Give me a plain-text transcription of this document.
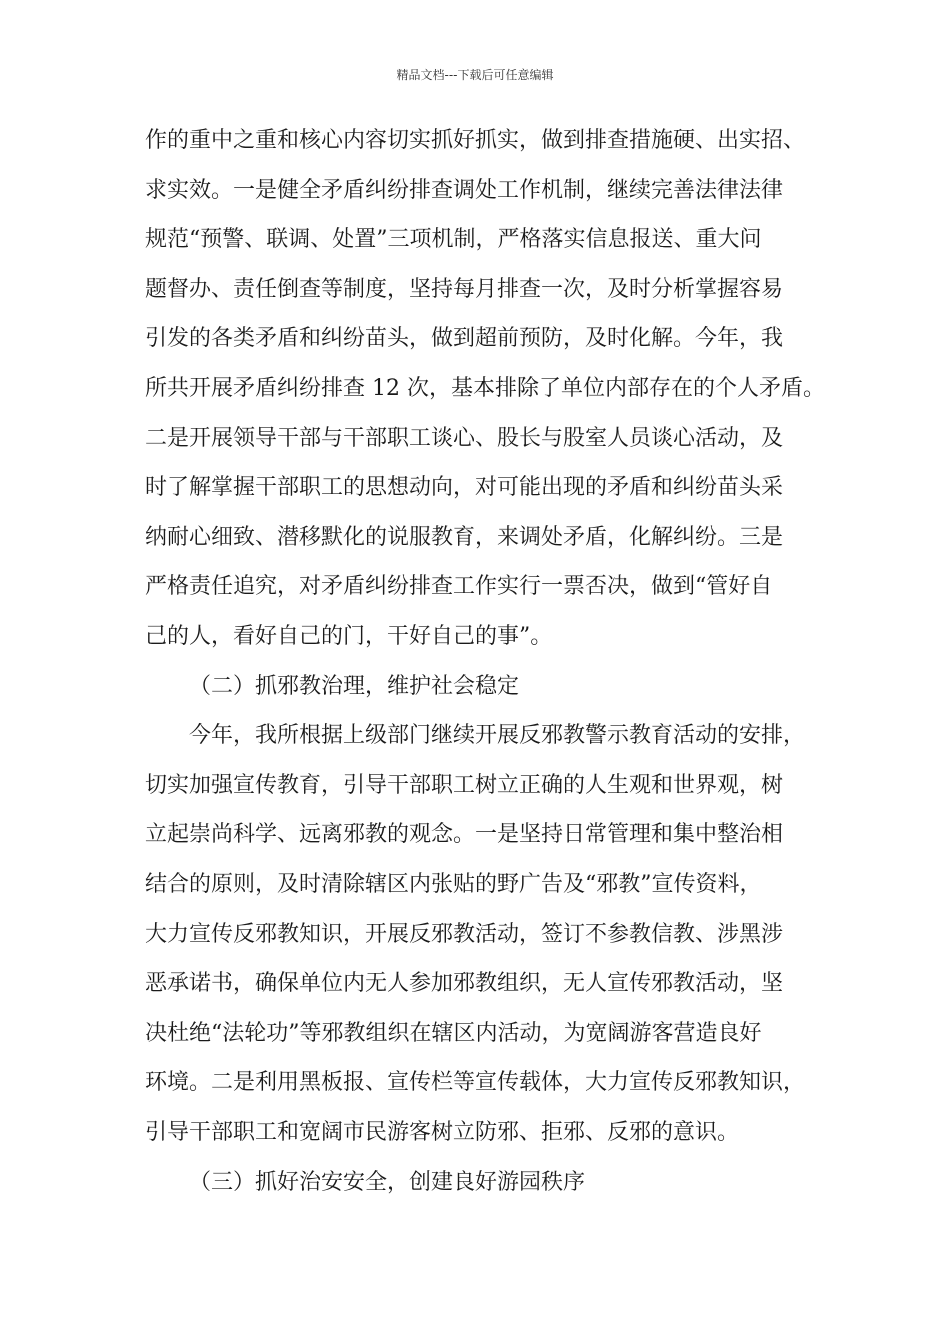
精品文档---下载后可任意编辑
作的重中之重和核心内容切实抓好抓实，做到排查措施硬、出实招、
求实效。一是健全矛盾纠纷排查调处工作机制，继续完善法律法律
规范“预警、联调、处置”三项机制，严格落实信息报送、重大问
题督办、责任倒查等制度，坚持每月排查一次，及时分析掌握容易
引发的各类矛盾和纠纷苗头，做到超前预防，及时化解。今年，我
所共开展矛盾纠纷排查 12 次，基本排除了单位内部存在的个人矛盾。
二是开展领导干部与干部职工谈心、股长与股室人员谈心活动，及
时了解掌握干部职工的思想动向，对可能出现的矛盾和纠纷苗头采
纳耐心细致、潜移默化的说服教育，来调处矛盾，化解纠纷。三是
严格责任追究，对矛盾纠纷排查工作实行一票否决，做到“管好自
己的人，看好自己的门，干好自己的事”。
（二）抓邪教治理，维护社会稳定
今年，我所根据上级部门继续开展反邪教警示教育活动的安排，
切实加强宣传教育，引导干部职工树立正确的人生观和世界观，树
立起崇尚科学、远离邪教的观念。一是坚持日常管理和集中整治相
结合的原则，及时清除辖区内张贴的野广告及“邪教”宣传资料，
大力宣传反邪教知识，开展反邪教活动，签订不参教信教、涉黑涉
恶承诺书，确保单位内无人参加邪教组织，无人宣传邪教活动，坚
决杜绝“法轮功”等邪教组织在辖区内活动，为宽阔游客营造良好
环境。二是利用黑板报、宣传栏等宣传载体，大力宣传反邪教知识，
引导干部职工和宽阔市民游客树立防邪、拒邪、反邪的意识。
（三）抓好治安安全，创建良好游园秩序
